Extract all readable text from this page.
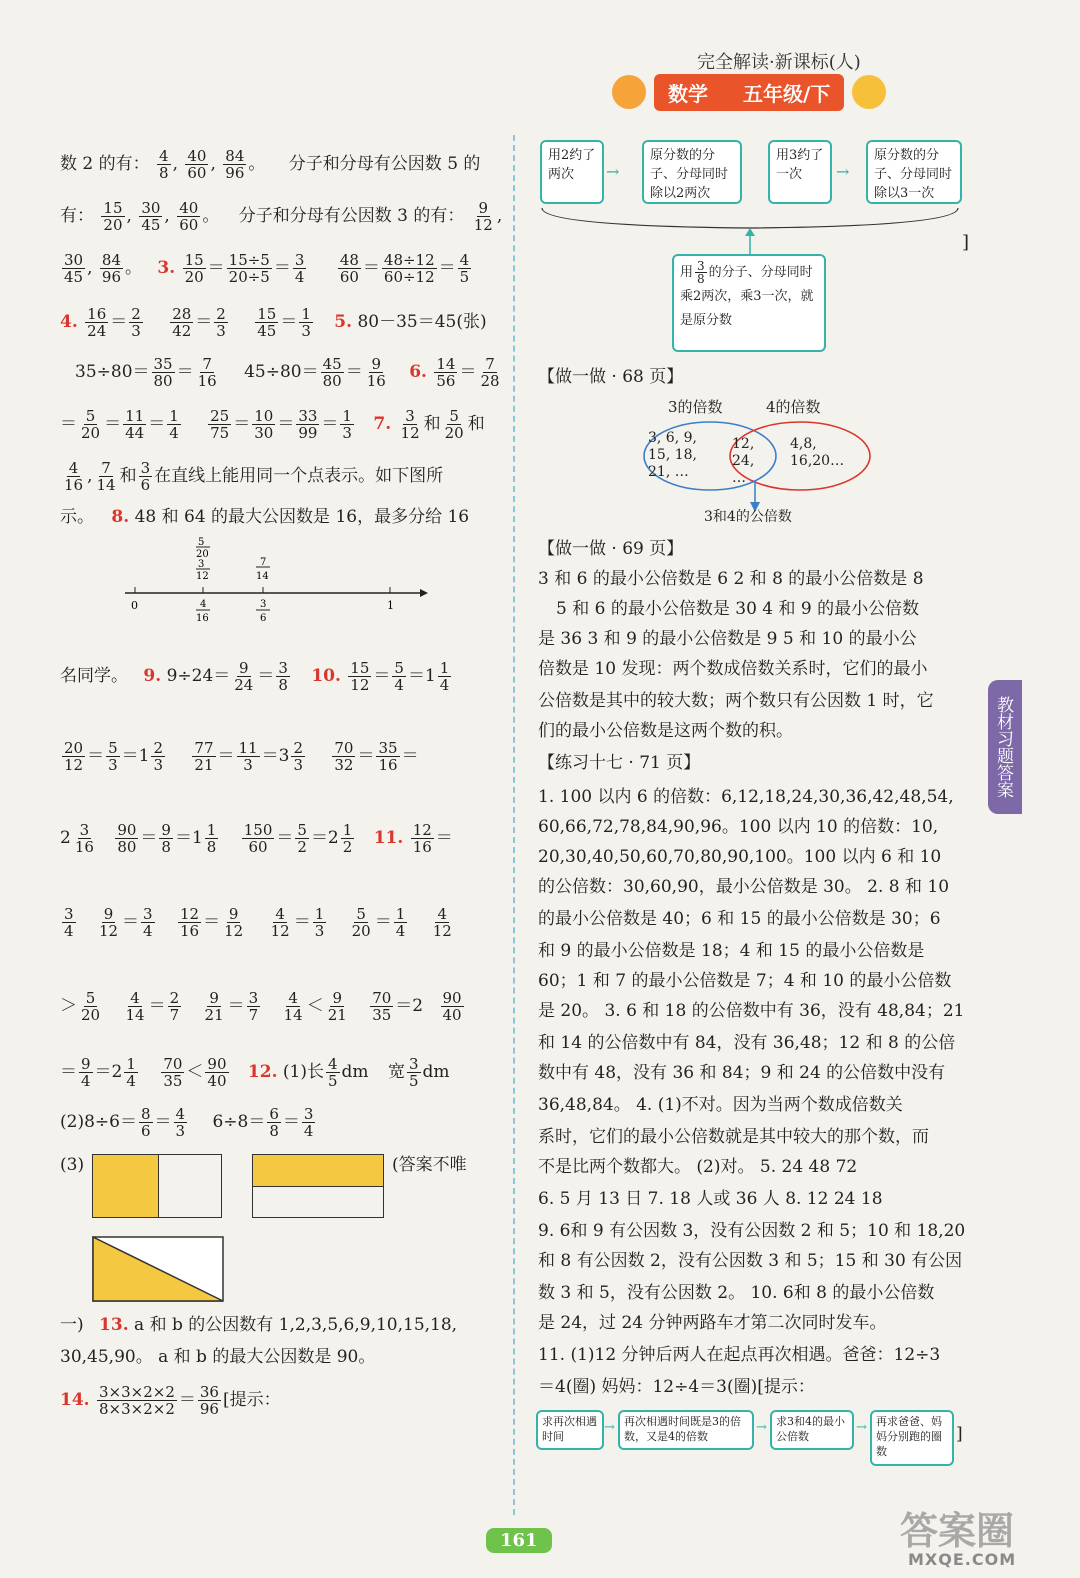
完全解读·新课标(人)
数学 五年级/下
教材习题答案
数 2 的有： $\frac{4}{8}$ , $\frac{40}{60}$ , $\frac{84}{96}$ 。 分子和分母有公因数 5 的
有： $\frac{15}{20}$ , $\frac{30}{45}$ , $\frac{40}{60}$ 。 分子和分母有公因数 3 的有： $\frac{9}{12}$ ,
$\frac{30}{45}$ , $\frac{84}{96}$ 。 3. $\frac{15}{20} = \frac{15\div 5}{20\div 5} = \frac{3}{4}$
$\frac{48}{60} = \frac{48\div 12}{60\div 12} = \frac{4}{5}$
4. $\frac{16}{24} = \frac{2}{3}$
$\frac{28}{42} = \frac{2}{3}$
$\frac{15}{45} = \frac{1}{3} 5$. 80－35＝45(张)
$35\div 80= \frac{35}{80} = \frac{7}{16} 45\div 80= \frac{45}{80} = \frac{9}{16} 6$. $\frac{14}{56} = \frac{7}{28}$
＝ $\frac{5}{20} = \frac{11}{44} = \frac{1}{4}$
$\frac{25}{75} = \frac{10}{30} = \frac{33}{99} = \frac{1}{3} 7$. $\frac{3}{12}$ 和 $\frac{5}{20}$ 和
$\frac{4}{16}$ , $\frac{7}{14}$ 和 $\frac{3}{6}$ 在直线上能用同一个点表示。如下图所
示。 8. 48 和 64 的最大公因数是 16，最多分给 16
0	1
5
20
3
12
4
16
7
14
3
6
名同学。 9. $9\div 24= \frac{9}{24} = \frac{3}{8} 10$. $\frac{15}{12} = \frac{5}{4} =1 \frac{1}{4}$
$\frac{20}{12} = \frac{5}{3} =1 \frac{2}{3}$
$\frac{77}{21} = \frac{11}{3} =3 \frac{2}{3}$
$\frac{70}{32} = \frac{35}{16}$ ＝
$2 \frac{3}{16}$
$\frac{90}{80} = \frac{9}{8} =1 \frac{1}{8}$
$\frac{150}{60} = \frac{5}{2} =2 \frac{1}{2} 11$. $\frac{12}{16}$ ＝
$\frac{3}{4}$
$\frac{9}{12} = \frac{3}{4}$
$\frac{12}{16} = \frac{9}{12}$
$\frac{4}{12} = \frac{1}{3}$
$\frac{5}{20} = \frac{1}{4}$
$\frac{4}{12}$
＞ $\frac{5}{20}$
$\frac{4}{14} = \frac{2}{7}$
$\frac{9}{21} = \frac{3}{7}$
$\frac{4}{14} < \frac{9}{21}$
$\frac{70}{35} =2 \frac{90}{40}$
＝ $\frac{9}{4} =2 \frac{1}{4}$
$\frac{70}{35} < \frac{90}{40} 12$. (1)长 $\frac{4}{5}$ dm 宽 $\frac{3}{5}$ dm
$(2)8\div 6= \frac{8}{6} = \frac{4}{3} 6\div 8= \frac{6}{8} = \frac{3}{4}$
(3)	(答案不唯
一) 13. a 和 b 的公因数有 1,2,3,5,6,9,10,15,18,
30,45,90。 a 和 b 的最大公因数是 90。
14. $\frac{3\times 3\times 2\times 2}{8\times 3\times 2\times 2} = \frac{36}{96}$ [提示：
用2约了两次	→
原分数的分子、分母同时除以2两次
用3约了一次	→
原分数的分子、分母同时除以3一次
]
用 $\frac{3}{8}$ 的分子、分母同时乘2两次，乘3一次，就是原分数
【做一做 · 68 页】
3的倍数	4的倍数
3, 6, 9, 15, 18, 21, …
12, 24, …
4,8, 16,20…
3和4的公倍数
【做一做 · 69 页】
3 和 6 的最小公倍数是 6 2 和 8 的最小公倍数是 8
5 和 6 的最小公倍数是 30 4 和 9 的最小公倍数
是 36 3 和 9 的最小公倍数是 9 5 和 10 的最小公
倍数是 10 发现：两个数成倍数关系时，它们的最小
公倍数是其中的较大数；两个数只有公因数 1 时，它
们的最小公倍数是这两个数的积。
【练习十七 · 71 页】
1. 100 以内 6 的倍数：6,12,18,24,30,36,42,48,54,
60,66,72,78,84,90,96。100 以内 10 的倍数：10,
20,30,40,50,60,70,80,90,100。100 以内 6 和 10
的公倍数：30,60,90，最小公倍数是 30。 2. 8 和 10
的最小公倍数是 40；6 和 15 的最小公倍数是 30；6
和 9 的最小公倍数是 18；4 和 15 的最小公倍数是
60；1 和 7 的最小公倍数是 7；4 和 10 的最小公倍数
是 20。 3. 6 和 18 的公倍数中有 36，没有 48,84；21
和 14 的公倍数中有 84，没有 36,48；12 和 8 的公倍
数中有 48，没有 36 和 84；9 和 24 的公倍数中没有
36,48,84。 4. (1)不对。因为当两个数成倍数关
系时，它们的最小公倍数就是其中较大的那个数，而
不是比两个数都大。 (2)对。 5. 24 48 72
6. 5 月 13 日 7. 18 人或 36 人 8. 12 24 18
9. 6和 9 有公因数 3，没有公因数 2 和 5；10 和 18,20
和 8 有公因数 2，没有公因数 3 和 5；15 和 30 有公因
数 3 和 5，没有公因数 2。 10. 6和 8 的最小公倍数
是 24，过 24 分钟两路车才第二次同时发车。
11. (1)12 分钟后两人在起点再次相遇。爸爸：12÷3
＝4(圈) 妈妈：12÷4＝3(圈)[提示：
求再次相遇时间
→ 再次相遇时间既是3的倍数，又是4的倍数
→ 求3和4的最小公倍数
→ 再求爸爸、妈妈分别跑的圈数
]
161	答案圈
MXQE.COM
